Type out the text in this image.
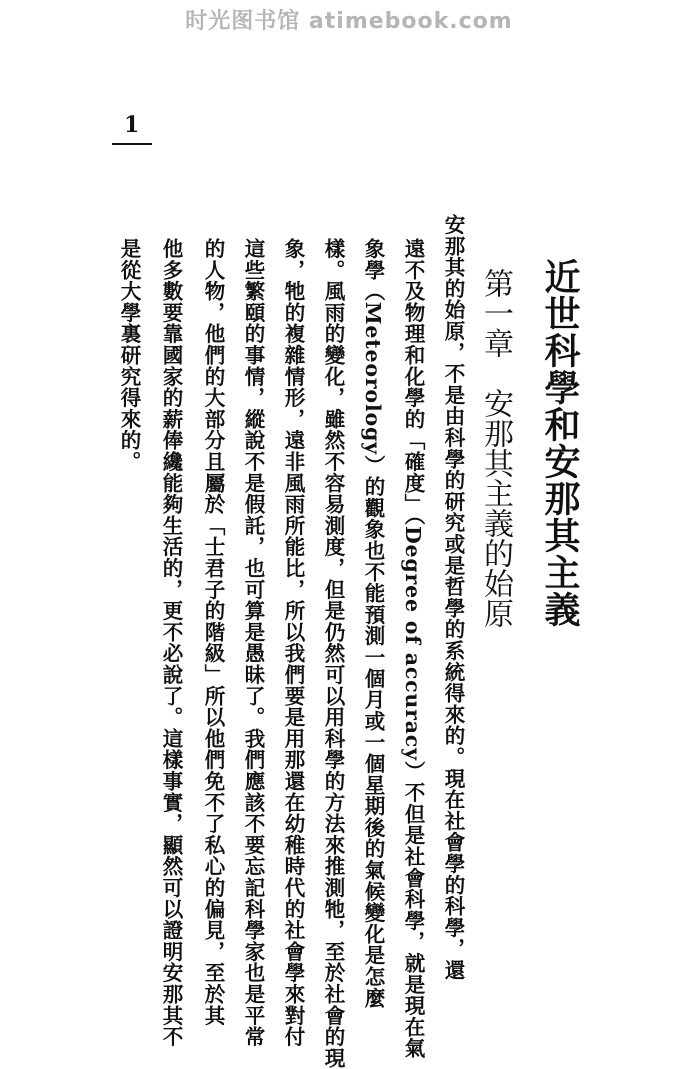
时光图书馆 atimebook.com
1
近世科學和安那其主義
第一章　安那其主義的始原
安那其的始原，不是由科學的研究或是哲學的系統得來的。現在社會學的科學，還
遠不及物理和化學的「確度」（Degree of accuracy）不但是社會科學，就是現在氣
象學（Meteorology）的觀象也不能預測一個月或一個星期後的氣候變化是怎麼
樣。風雨的變化，雖然不容易測度，但是仍然可以用科學的方法來推測牠，至於社會的現
象，牠的複雜情形，遠非風雨所能比，所以我們要是用那還在幼稚時代的社會學來對付
這些繁頤的事情，縱說不是假託，也可算是愚昧了。我們應該不要忘記科學家也是平常
的人物，他們的大部分且屬於「士君子的階級」所以他們免不了私心的偏見，至於其
他多數要靠國家的薪俸纔能夠生活的，更不必說了。這樣事實，顯然可以證明安那其不
是從大學裏研究得來的。
